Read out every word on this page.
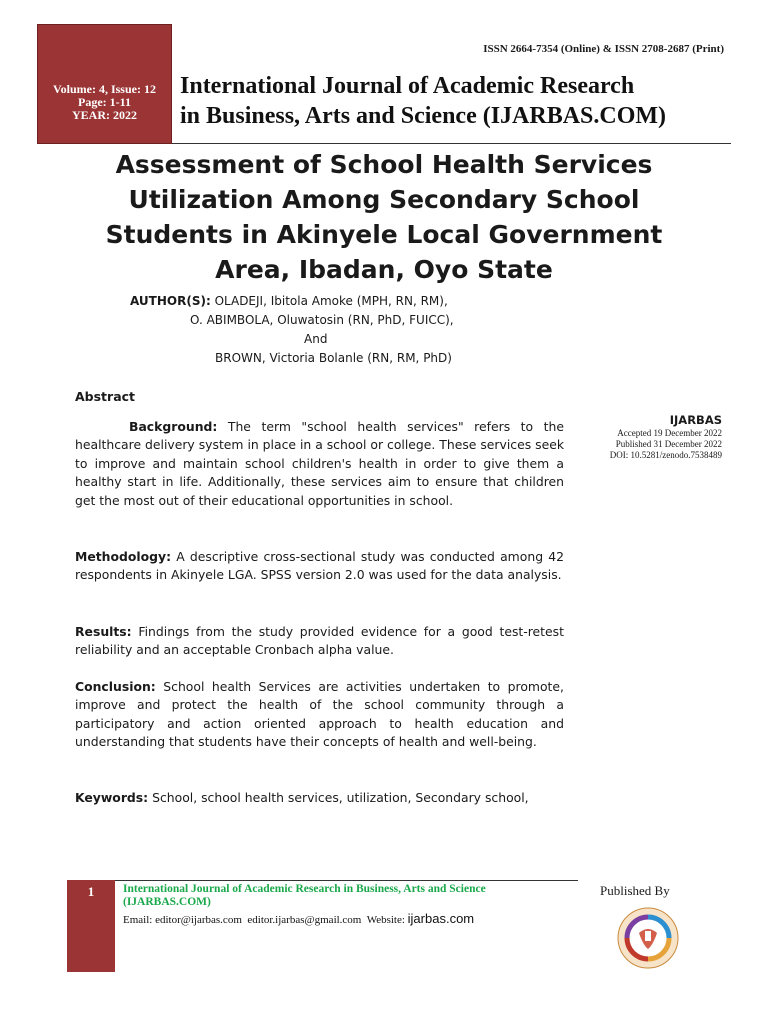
Volume: 4, Issue: 12
Page: 1-11
YEAR: 2022
ISSN 2664-7354 (Online) & ISSN 2708-2687 (Print)
International Journal of Academic Research
in Business, Arts and Science (IJARBAS.COM)
Assessment of School Health Services
Utilization Among Secondary School
Students in Akinyele Local Government
Area, Ibadan, Oyo State
AUTHOR(S): OLADEJI, Ibitola Amoke (MPH, RN, RM),
O. ABIMBOLA, Oluwatosin (RN, PhD, FUICC),
And
BROWN, Victoria Bolanle (RN, RM, PhD)
Abstract

Background: The term "school health services" refers to the healthcare delivery system in place in a school or college. These services seek to improve and maintain school children's health in order to give them a healthy start in life. Additionally, these services aim to ensure that children get the most out of their educational opportunities in school.

Methodology: A descriptive cross-sectional study was conducted among 42 respondents in Akinyele LGA. SPSS version 2.0 was used for the data analysis.

Results: Findings from the study provided evidence for a good test-retest reliability and an acceptable Cronbach alpha value.

Conclusion: School health Services are activities undertaken to promote, improve and protect the health of the school community through a participatory and action oriented approach to health education and understanding that students have their concepts of health and well-being.

Keywords: School, school health services, utilization, Secondary school,

IJARBAS
Accepted 19 December 2022
Published 31 December 2022
DOI: 10.5281/zenodo.7538489
1	International Journal of Academic Research in Business, Arts and Science
(IJARBAS.COM)
Email: editor@ijarbas.com editor.ijarbas@gmail.com Website: ijarbas.com
Published By
